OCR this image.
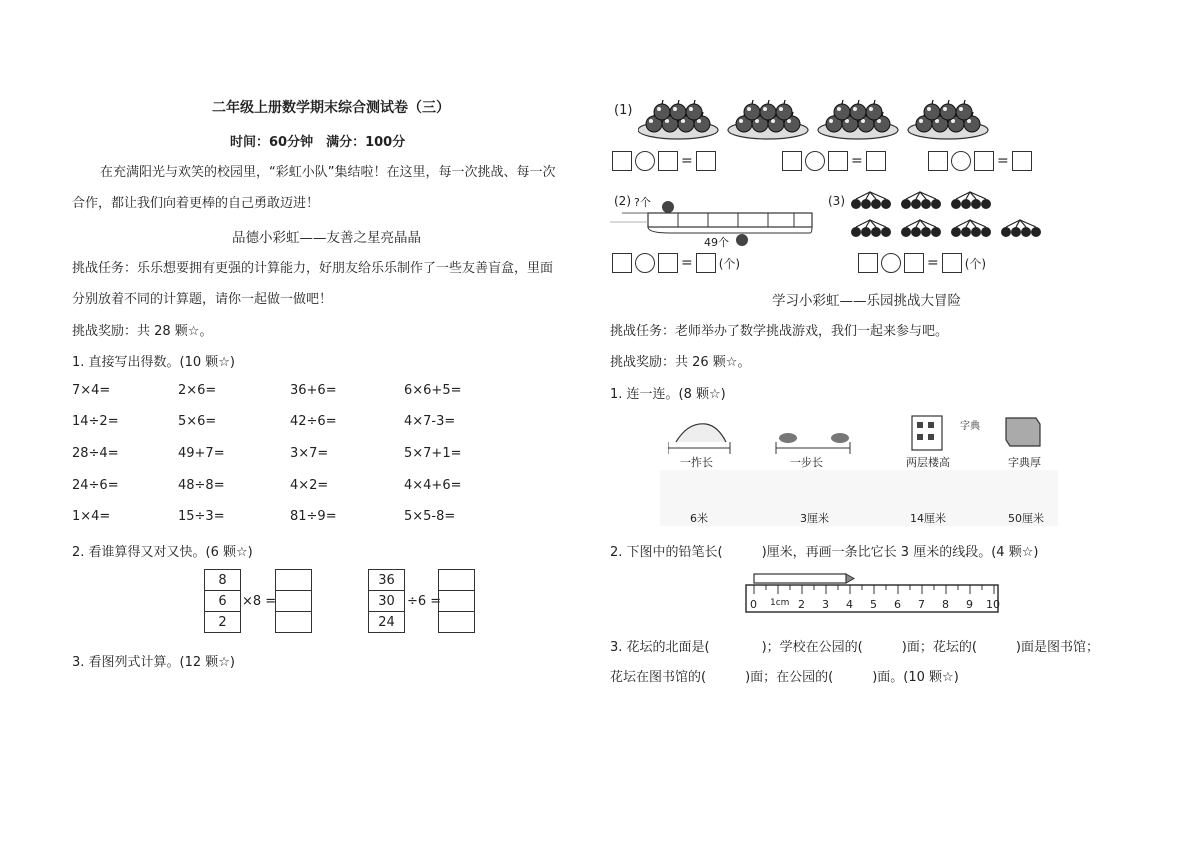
二年级上册数学期末综合测试卷（三）
时间：60分钟　满分：100分
在充满阳光与欢笑的校园里，“彩虹小队”集结啦！在这里，每一次挑战、每一次
合作，都让我们向着更棒的自己勇敢迈进！
品德小彩虹——友善之星亮晶晶
挑战任务：乐乐想要拥有更强的计算能力，好朋友给乐乐制作了一些友善盲盒，里面
分别放着不同的计算题，请你一起做一做吧！
挑战奖励：共 28 颗☆。
1. 直接写出得数。(10 颗☆)
7×4=	2×6=	36+6=	6×6+5=
14÷2=	5×6=	42÷6=	4×7-3=
28÷4=	49+7=	3×7=	5×7+1=
24÷6=	48÷8=	4×2=	4×4+6=
1×4=	15÷3=	81÷9=	5×5-8=
2. 看谁算得又对又快。(6 颗☆)
8
6
2
×8 =

36
30
24
÷6 =

3. 看图列式计算。(12 颗☆)
(1)
=	=	=
(2) ?个
49个
= (个)
(3)
= (个)
学习小彩虹——乐园挑战大冒险
挑战任务：老师举办了数学挑战游戏，我们一起来参与吧。
挑战奖励：共 26 颗☆。
1. 连一连。(8 颗☆)
字典
一拃长	一步长	两层楼高	字典厚
6米	3厘米	14厘米	50厘米
2. 下图中的铅笔长(　　　)厘米，再画一条比它长 3 厘米的线段。(4 颗☆)
0 1cm 2 3 4 5 6 7 8 9 10
3. 花坛的北面是(　　　　)；学校在公园的(　　　)面；花坛的(　　　)面是图书馆；
花坛在图书馆的(　　　)面；在公园的(　　　)面。(10 颗☆)
